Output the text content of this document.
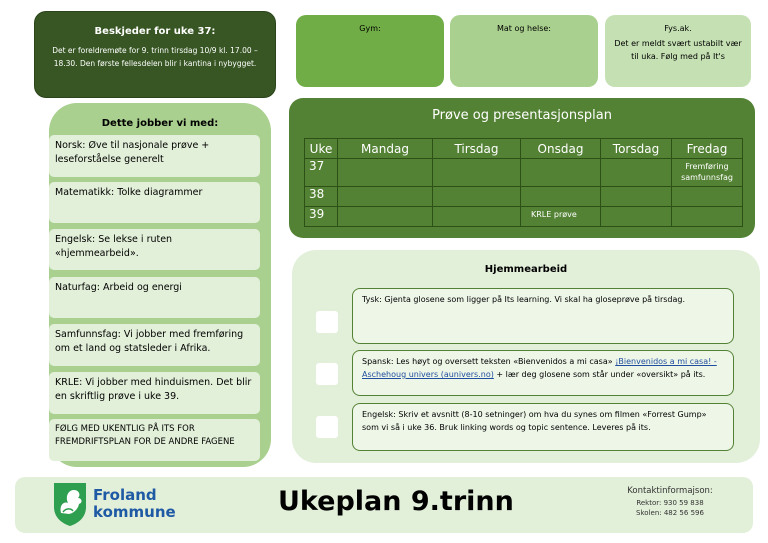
Beskjeder for uke 37:
Det er foreldremøte for 9. trinn tirsdag 10/9 kl. 17.00 – 18.30. Den første fellesdelen blir i kantina i nybygget.
Gym:	Mat og helse:	Fys.ak.
Det er meldt svært ustabilt vær til uka. Følg med på It's
Dette jobber vi med:
Norsk: Øve til nasjonale prøve + leseforståelse generelt
Matematikk: Tolke diagrammer
Engelsk: Se lekse i ruten «hjemmearbeid».
Naturfag: Arbeid og energi
Samfunnsfag: Vi jobber med fremføring om et land og statsleder i Afrika.
KRLE: Vi jobber med hinduismen. Det blir en skriftlig prøve i uke 39.
FØLG MED UKENTLIG PÅ ITS FOR FREMDRIFTSPLAN FOR DE ANDRE FAGENE
Prøve og presentasjonsplan
Uke	Mandag	Tirsdag	Onsdag	Torsdag	Fredag
37					Fremføring samfunnsfag
38					
39			KRLE prøve		
Hjemmearbeid
Tysk: Gjenta glosene som ligger på Its learning. Vi skal ha gloseprøve på tirsdag.
Spansk: Les høyt og oversett teksten «Bienvenidos a mi casa» ¡Bienvenidos a mi casa! - Aschehoug univers (aunivers.no) + lær deg glosene som står under «oversikt» på its.
Engelsk: Skriv et avsnitt (8-10 setninger) om hva du synes om filmen «Forrest Gump» som vi så i uke 36. Bruk linking words og topic sentence. Leveres på its.
Froland
kommune	Ukeplan 9.trinn	Kontaktinformajson:
Rektor: 930 59 838
Skolen: 482 56 596
